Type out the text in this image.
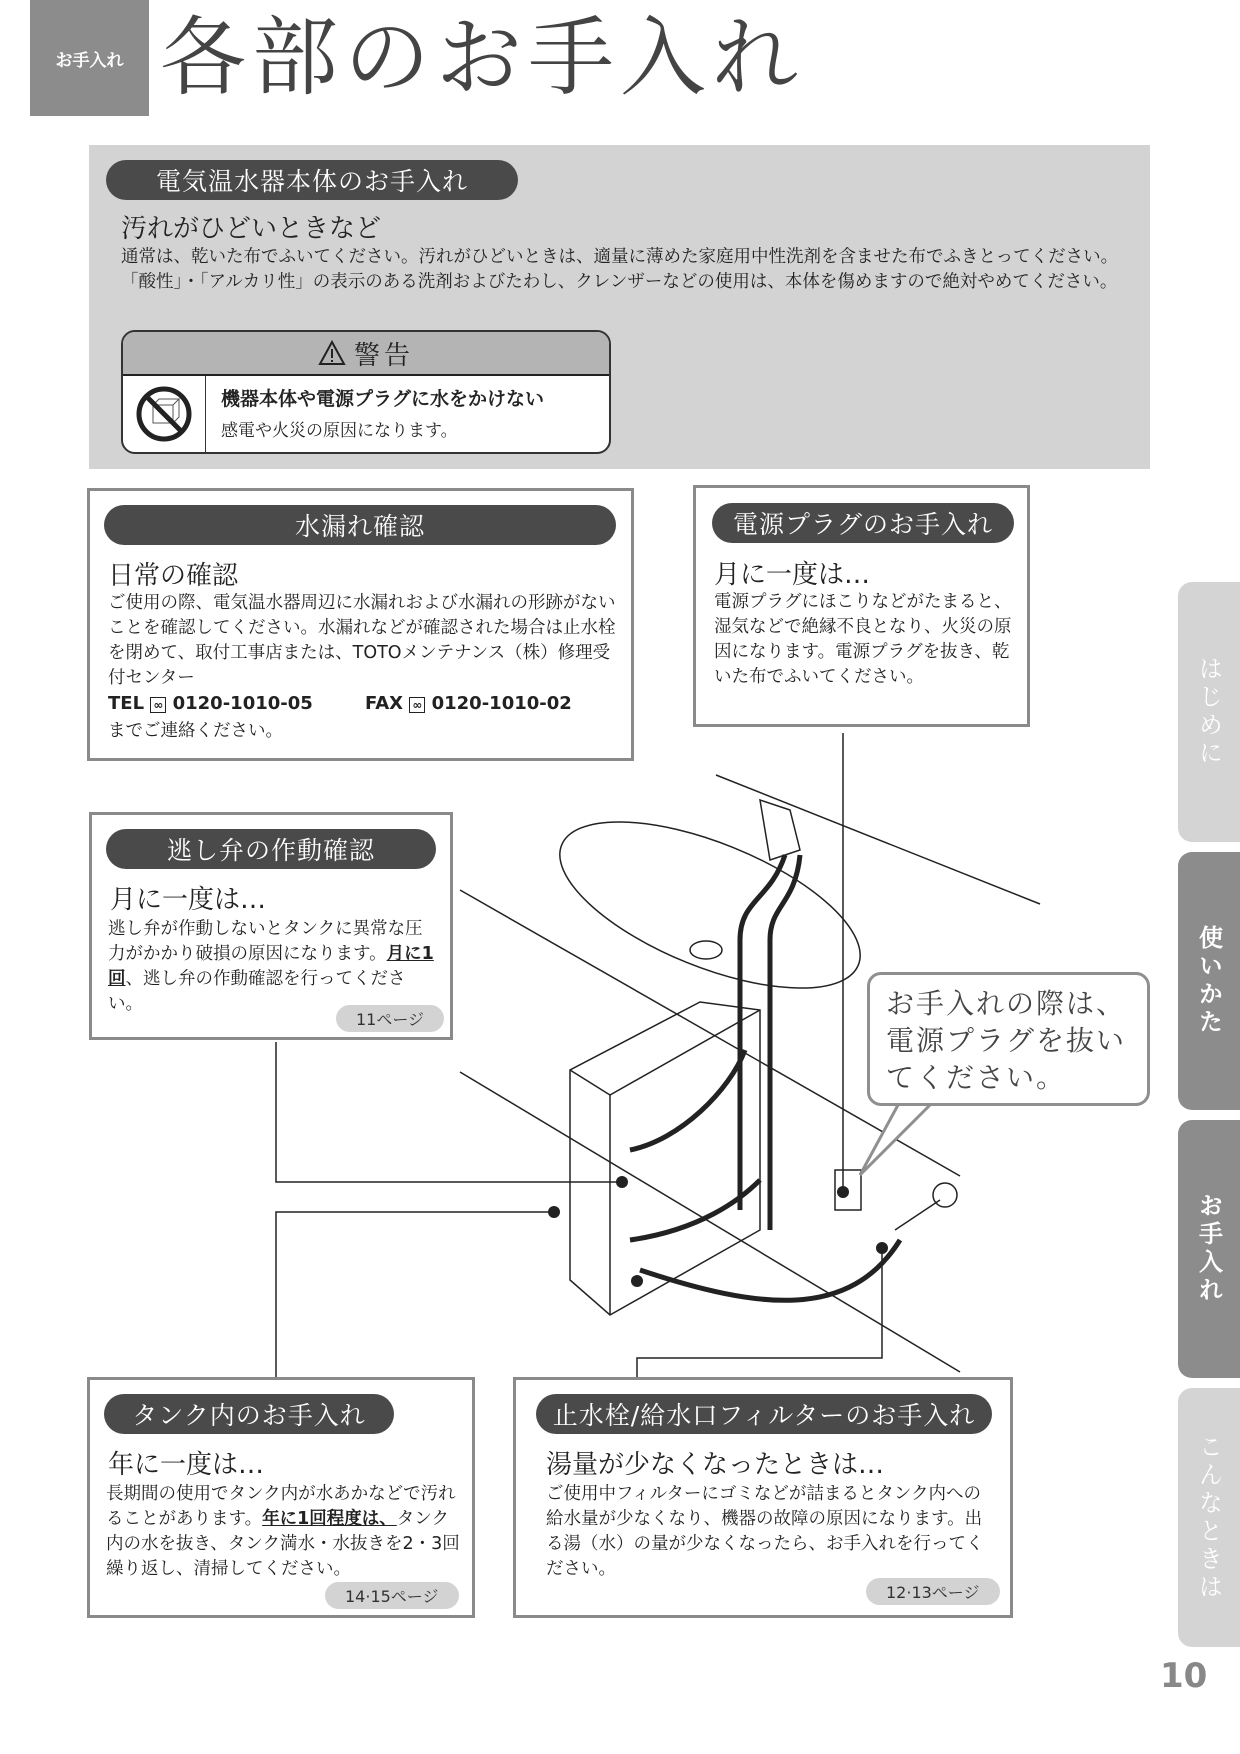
お手入れ 各部のお手入れ
電気温水器本体のお手入れ
汚れがひどいときなど
通常は、乾いた布でふいてください。汚れがひどいときは、適量に薄めた家庭用中性洗剤を含ませた布でふきとってください。「酸性」・「アルカリ性」の表示のある洗剤およびたわし、クレンザーなどの使用は、本体を傷めますので絶対やめてください。
警告
機器本体や電源プラグに水をかけない
感電や火災の原因になります。
水漏れ確認
日常の確認
ご使用の際、電気温水器周辺に水漏れおよび水漏れの形跡がないことを確認してください。水漏れなどが確認された場合は止水栓を閉めて、取付工事店または、TOTOメンテナンス（株）修理受付センター
TEL ∞ 0120-1010-05	FAX ∞ 0120-1010-02
までご連絡ください。
電源プラグのお手入れ
月に一度は…
電源プラグにほこりなどがたまると、湿気などで絶縁不良となり、火災の原因になります。電源プラグを抜き、乾いた布でふいてください。
逃し弁の作動確認
月に一度は…
逃し弁が作動しないとタンクに異常な圧力がかかり破損の原因になります。月に1回、逃し弁の作動確認を行ってください。
11ページ	お手入れの際は、電源プラグを抜いてください。
タンク内のお手入れ
年に一度は…
長期間の使用でタンク内が水あかなどで汚れることがあります。年に1回程度は、タンク内の水を抜き、タンク満水・水抜きを2・3回繰り返し、清掃してください。
14·15ページ
止水栓/給水口フィルターのお手入れ
湯量が少なくなったときは…
ご使用中フィルターにゴミなどが詰まるとタンク内への給水量が少なくなり、機器の故障の原因になります。出る湯（水）の量が少なくなったら、お手入れを行ってください。
12·13ページ
はじめに
使いかた
お手入れ
こんなときは
10
